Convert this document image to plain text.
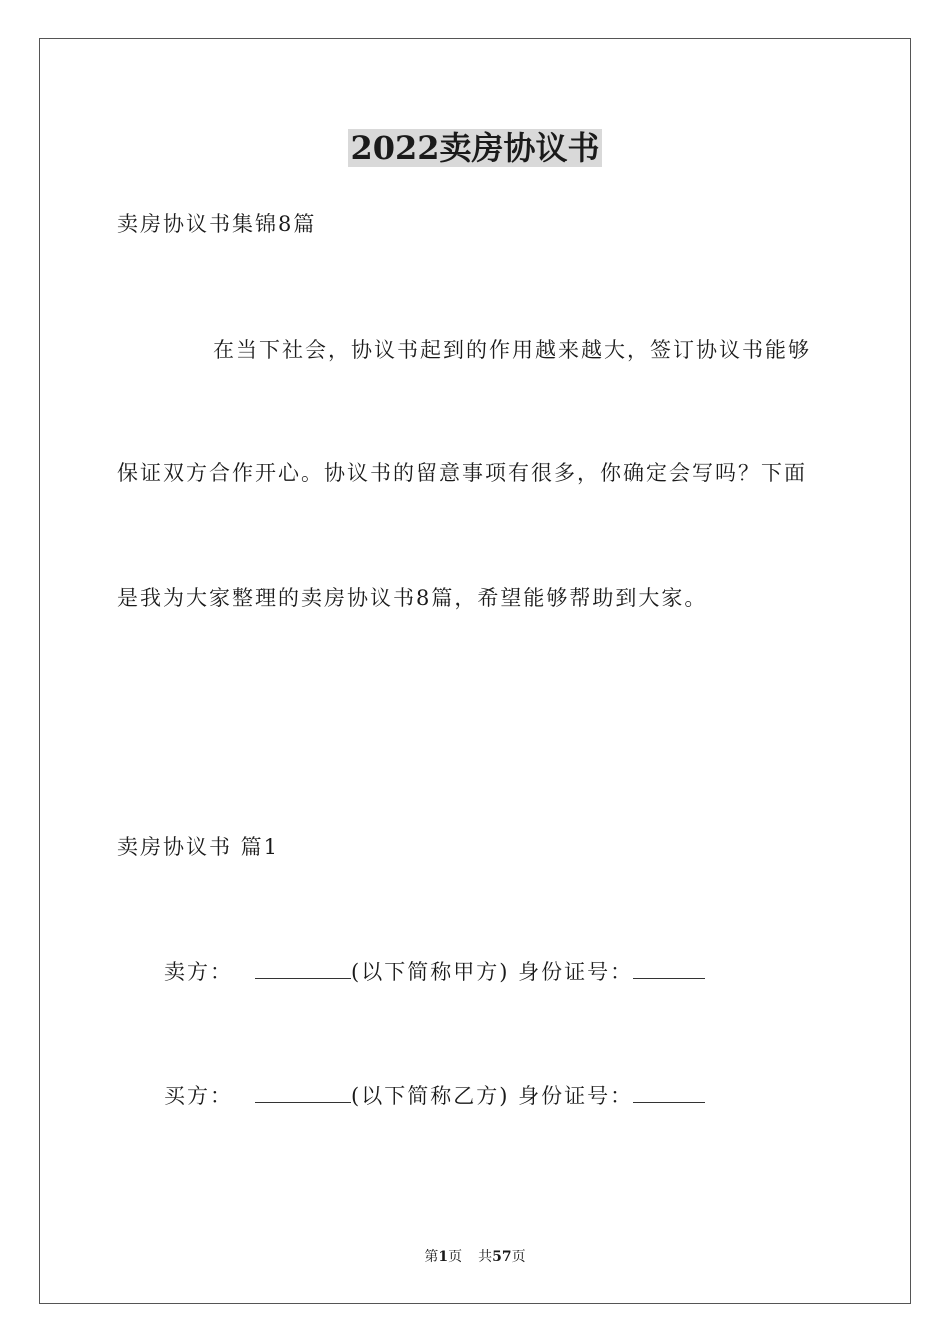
2022卖房协议书
卖房协议书集锦8篇
在当下社会，协议书起到的作用越来越大，签订协议书能够
保证双方合作开心。协议书的留意事项有很多，你确定会写吗？下面
是我为大家整理的卖房协议书8篇，希望能够帮助到大家。
卖房协议书 篇1
卖方：	(以下简称甲方) 身份证号：
买方：	(以下简称乙方) 身份证号：
第1页 共57页
